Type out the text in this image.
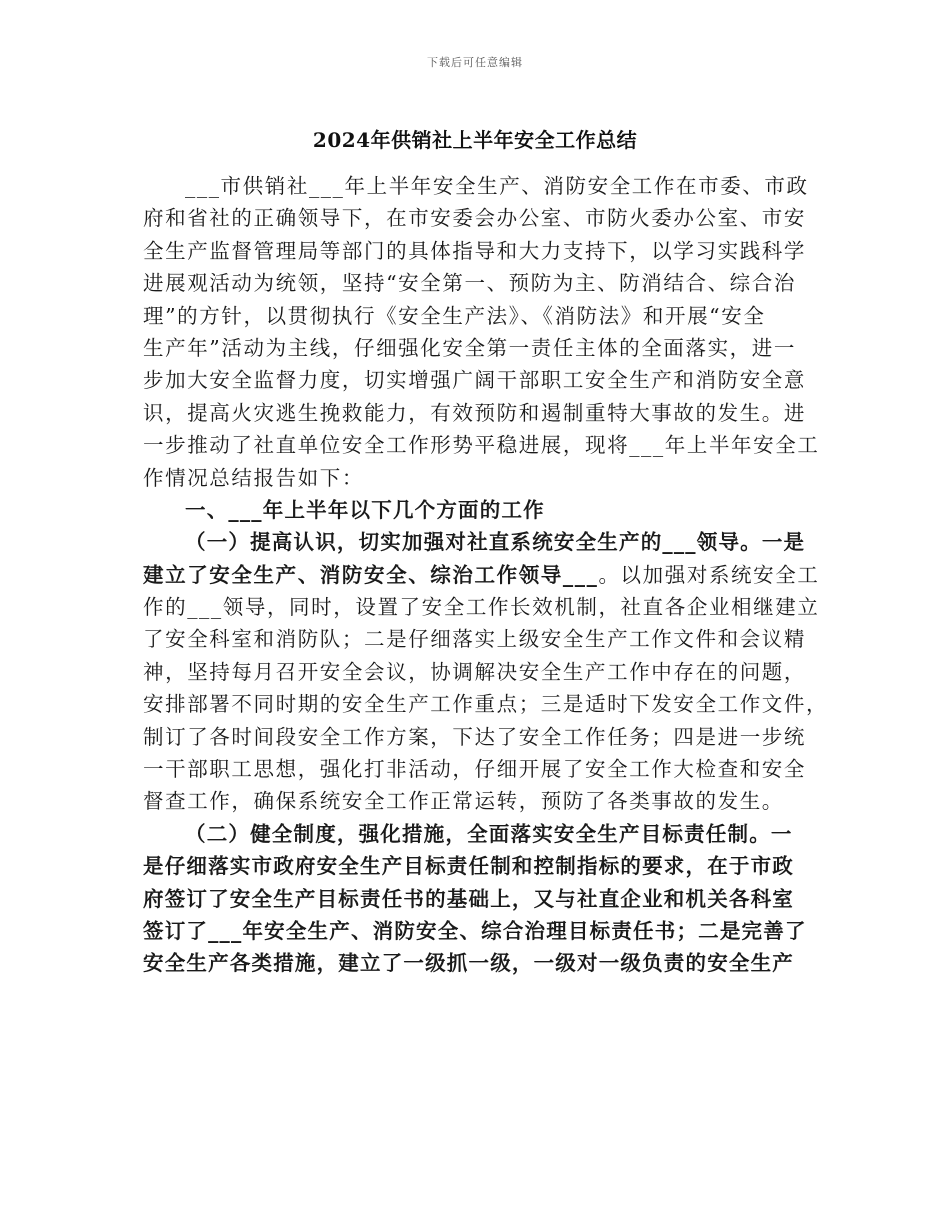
下载后可任意编辑
2024年供销社上半年安全工作总结
___市供销社___年上半年安全生产、消防安全工作在市委、市政
府和省社的正确领导下，在市安委会办公室、市防火委办公室、市安
全生产监督管理局等部门的具体指导和大力支持下，以学习实践科学
进展观活动为统领，坚持“安全第一、预防为主、防消结合、综合治
理”的方针，以贯彻执行《安全生产法》、《消防法》和开展“安全
生产年”活动为主线，仔细强化安全第一责任主体的全面落实，进一
步加大安全监督力度，切实增强广阔干部职工安全生产和消防安全意
识，提高火灾逃生挽救能力，有效预防和遏制重特大事故的发生。进
一步推动了社直单位安全工作形势平稳进展，现将___年上半年安全工
作情况总结报告如下：
一、___年上半年以下几个方面的工作
（一）提高认识，切实加强对社直系统安全生产的___领导。一是
建立了安全生产、消防安全、综治工作领导___。以加强对系统安全工
作的___领导，同时，设置了安全工作长效机制，社直各企业相继建立
了安全科室和消防队；二是仔细落实上级安全生产工作文件和会议精
神，坚持每月召开安全会议，协调解决安全生产工作中存在的问题，
安排部署不同时期的安全生产工作重点；三是适时下发安全工作文件，
制订了各时间段安全工作方案，下达了安全工作任务；四是进一步统
一干部职工思想，强化打非活动，仔细开展了安全工作大检查和安全
督查工作，确保系统安全工作正常运转，预防了各类事故的发生。
（二）健全制度，强化措施，全面落实安全生产目标责任制。一
是仔细落实市政府安全生产目标责任制和控制指标的要求，在于市政
府签订了安全生产目标责任书的基础上，又与社直企业和机关各科室
签订了___年安全生产、消防安全、综合治理目标责任书；二是完善了
安全生产各类措施，建立了一级抓一级，一级对一级负责的安全生产
